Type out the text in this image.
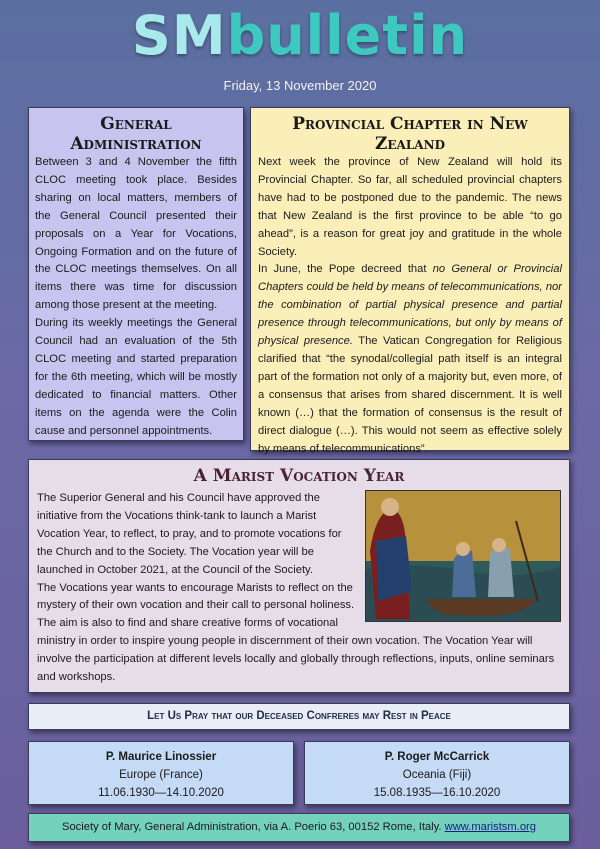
SMbulletin
Friday, 13 November 2020
General Administration

Between 3 and 4 November the fifth CLOC meeting took place. Besides sharing on local matters, members of the General Council presented their proposals on a Year for Vocations, Ongoing Formation and on the future of the CLOC meetings themselves. On all items there was time for discussion among those present at the meeting.

During its weekly meetings the General Council had an evaluation of the 5th CLOC meeting and started preparation for the 6th meeting, which will be mostly dedicated to financial matters. Other items on the agenda were the Colin cause and personnel appointments.

Provincial Chapter in New Zealand

Next week the province of New Zealand will hold its Provincial Chapter. So far, all scheduled provincial chapters have had to be postponed due to the pandemic. The news that New Zealand is the first province to be able “to go ahead”, is a reason for great joy and gratitude in the whole Society.

In June, the Pope decreed that no General or Provincial Chapters could be held by means of telecommunications, nor the combination of partial physical presence and partial presence through telecommunications, but only by means of physical presence. The Vatican Congregation for Religious clarified that “the synodal/collegial path itself is an integral part of the formation not only of a majority but, even more, of a consensus that arises from shared discernment. It is well known (…) that the formation of consensus is the result of direct dialogue (…). This would not seem as effective solely by means of telecommunications”.

A Marist Vocation Year

The Superior General and his Council have approved the initiative from the Vocations think-tank to launch a Marist Vocation Year, to reflect, to pray, and to promote vocations for the Church and to the Society. The Vocation year will be launched in October 2021, at the Council of the Society.

The Vocations year wants to encourage Marists to reflect on the mystery of their own vocation and their call to personal holiness. The aim is also to find and share creative forms of vocational ministry in order to inspire young people in discernment of their own vocation. The Vocation Year will involve the participation at different levels locally and globally through reflections, inputs, online seminars and workshops.

Let Us Pray that our Deceased Confreres may Rest in Peace
P. Maurice Linossier
Europe (France)
11.06.1930—14.10.2020
P. Roger McCarrick
Oceania (Fiji)
15.08.1935—16.10.2020
Society of Mary, General Administration, via A. Poerio 63, 00152 Rome, Italy. www.maristsm.org
